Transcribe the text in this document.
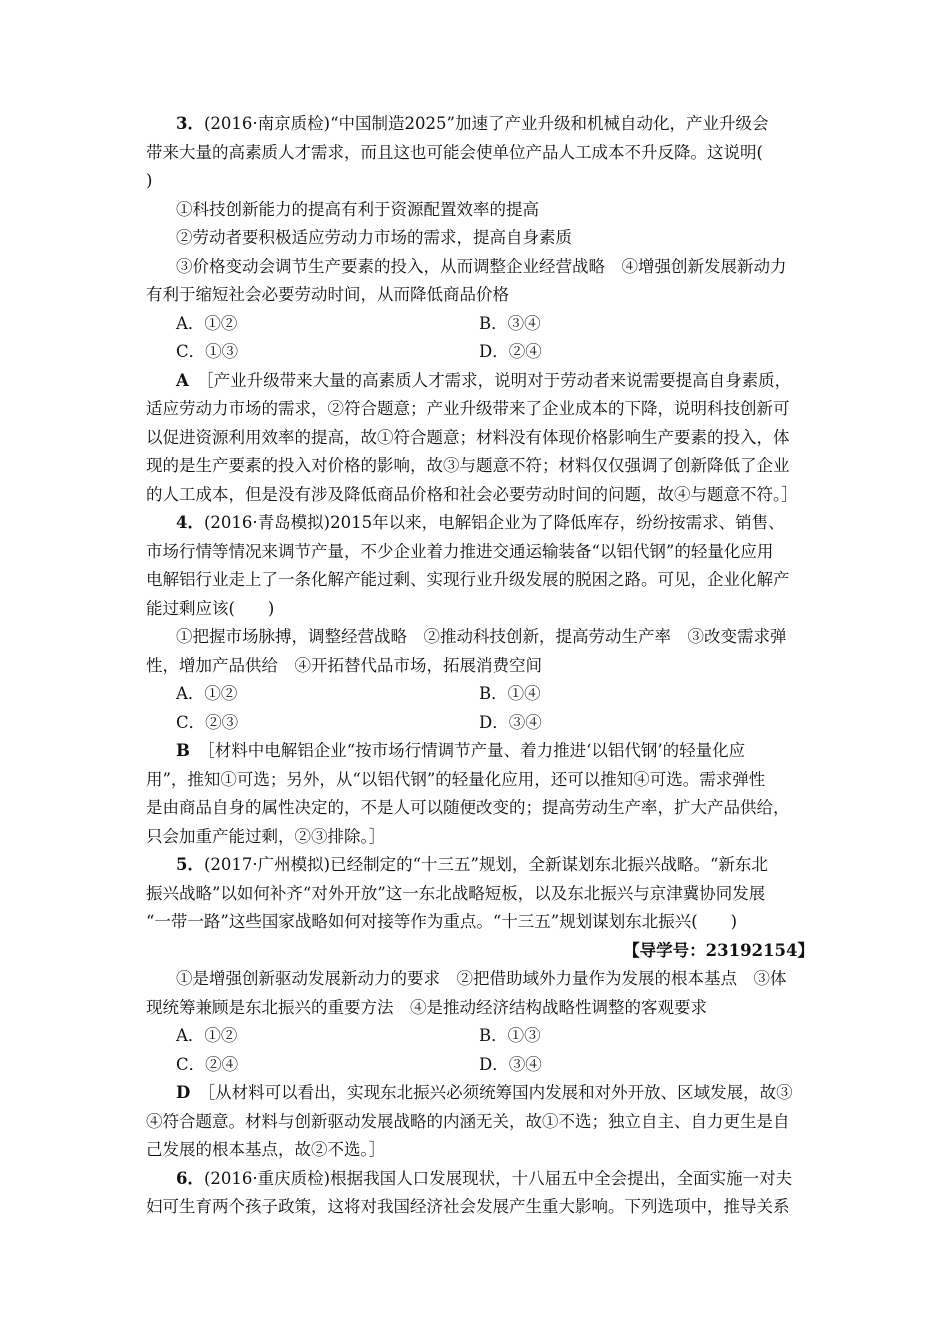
3．(2016·南京质检)“中国制造2025”加速了产业升级和机械自动化，产业升级会
带来大量的高素质人才需求，而且这也可能会使单位产品人工成本不升反降。这说明(
)
①科技创新能力的提高有利于资源配置效率的提高
②劳动者要积极适应劳动力市场的需求，提高自身素质
③价格变动会调节生产要素的投入，从而调整企业经营战略　④增强创新发展新动力
有利于缩短社会必要劳动时间，从而降低商品价格
A．①②	B．③④
C．①③	D．②④
A　 ［产业升级带来大量的高素质人才需求，说明对于劳动者来说需要提高自身素质，
适应劳动力市场的需求，②符合题意；产业升级带来了企业成本的下降，说明科技创新可
以促进资源利用效率的提高，故①符合题意；材料没有体现价格影响生产要素的投入，体
现的是生产要素的投入对价格的影响，故③与题意不符；材料仅仅强调了创新降低了企业
的人工成本，但是没有涉及降低商品价格和社会必要劳动时间的问题，故④与题意不符。］
4．(2016·青岛模拟)2015年以来，电解铝企业为了降低库存，纷纷按需求、销售、
市场行情等情况来调节产量，不少企业着力推进交通运输装备“以铝代钢”的轻量化应用
电解铝行业走上了一条化解产能过剩、实现行业升级发展的脱困之路。可见，企业化解产
能过剩应该(　　)
①把握市场脉搏，调整经营战略　②推动科技创新，提高劳动生产率　③改变需求弹
性，增加产品供给　④开拓替代品市场，拓展消费空间
A．①②	B．①④
C．②③	D．③④
B　 ［材料中电解铝企业“按市场行情调节产量、着力推进‘以铝代钢’的轻量化应
用”，推知①可选；另外，从“以铝代钢”的轻量化应用，还可以推知④可选。需求弹性
是由商品自身的属性决定的，不是人可以随便改变的；提高劳动生产率，扩大产品供给，
只会加重产能过剩，②③排除。］
5．(2017·广州模拟)已经制定的“十三五”规划，全新谋划东北振兴战略。“新东北
振兴战略”以如何补齐“对外开放”这一东北战略短板，以及东北振兴与京津冀协同发展
“一带一路”这些国家战略如何对接等作为重点。“十三五”规划谋划东北振兴(　　)
【导学号：23192154】
①是增强创新驱动发展新动力的要求　②把借助域外力量作为发展的根本基点　③体
现统筹兼顾是东北振兴的重要方法　④是推动经济结构战略性调整的客观要求
A．①②	B．①③
C．②④	D．③④
D　 ［从材料可以看出，实现东北振兴必须统筹国内发展和对外开放、区域发展，故③
④符合题意。材料与创新驱动发展战略的内涵无关，故①不选；独立自主、自力更生是自
己发展的根本基点，故②不选。］
6．(2016·重庆质检)根据我国人口发展现状，十八届五中全会提出，全面实施一对夫
妇可生育两个孩子政策，这将对我国经济社会发展产生重大影响。下列选项中，推导关系
